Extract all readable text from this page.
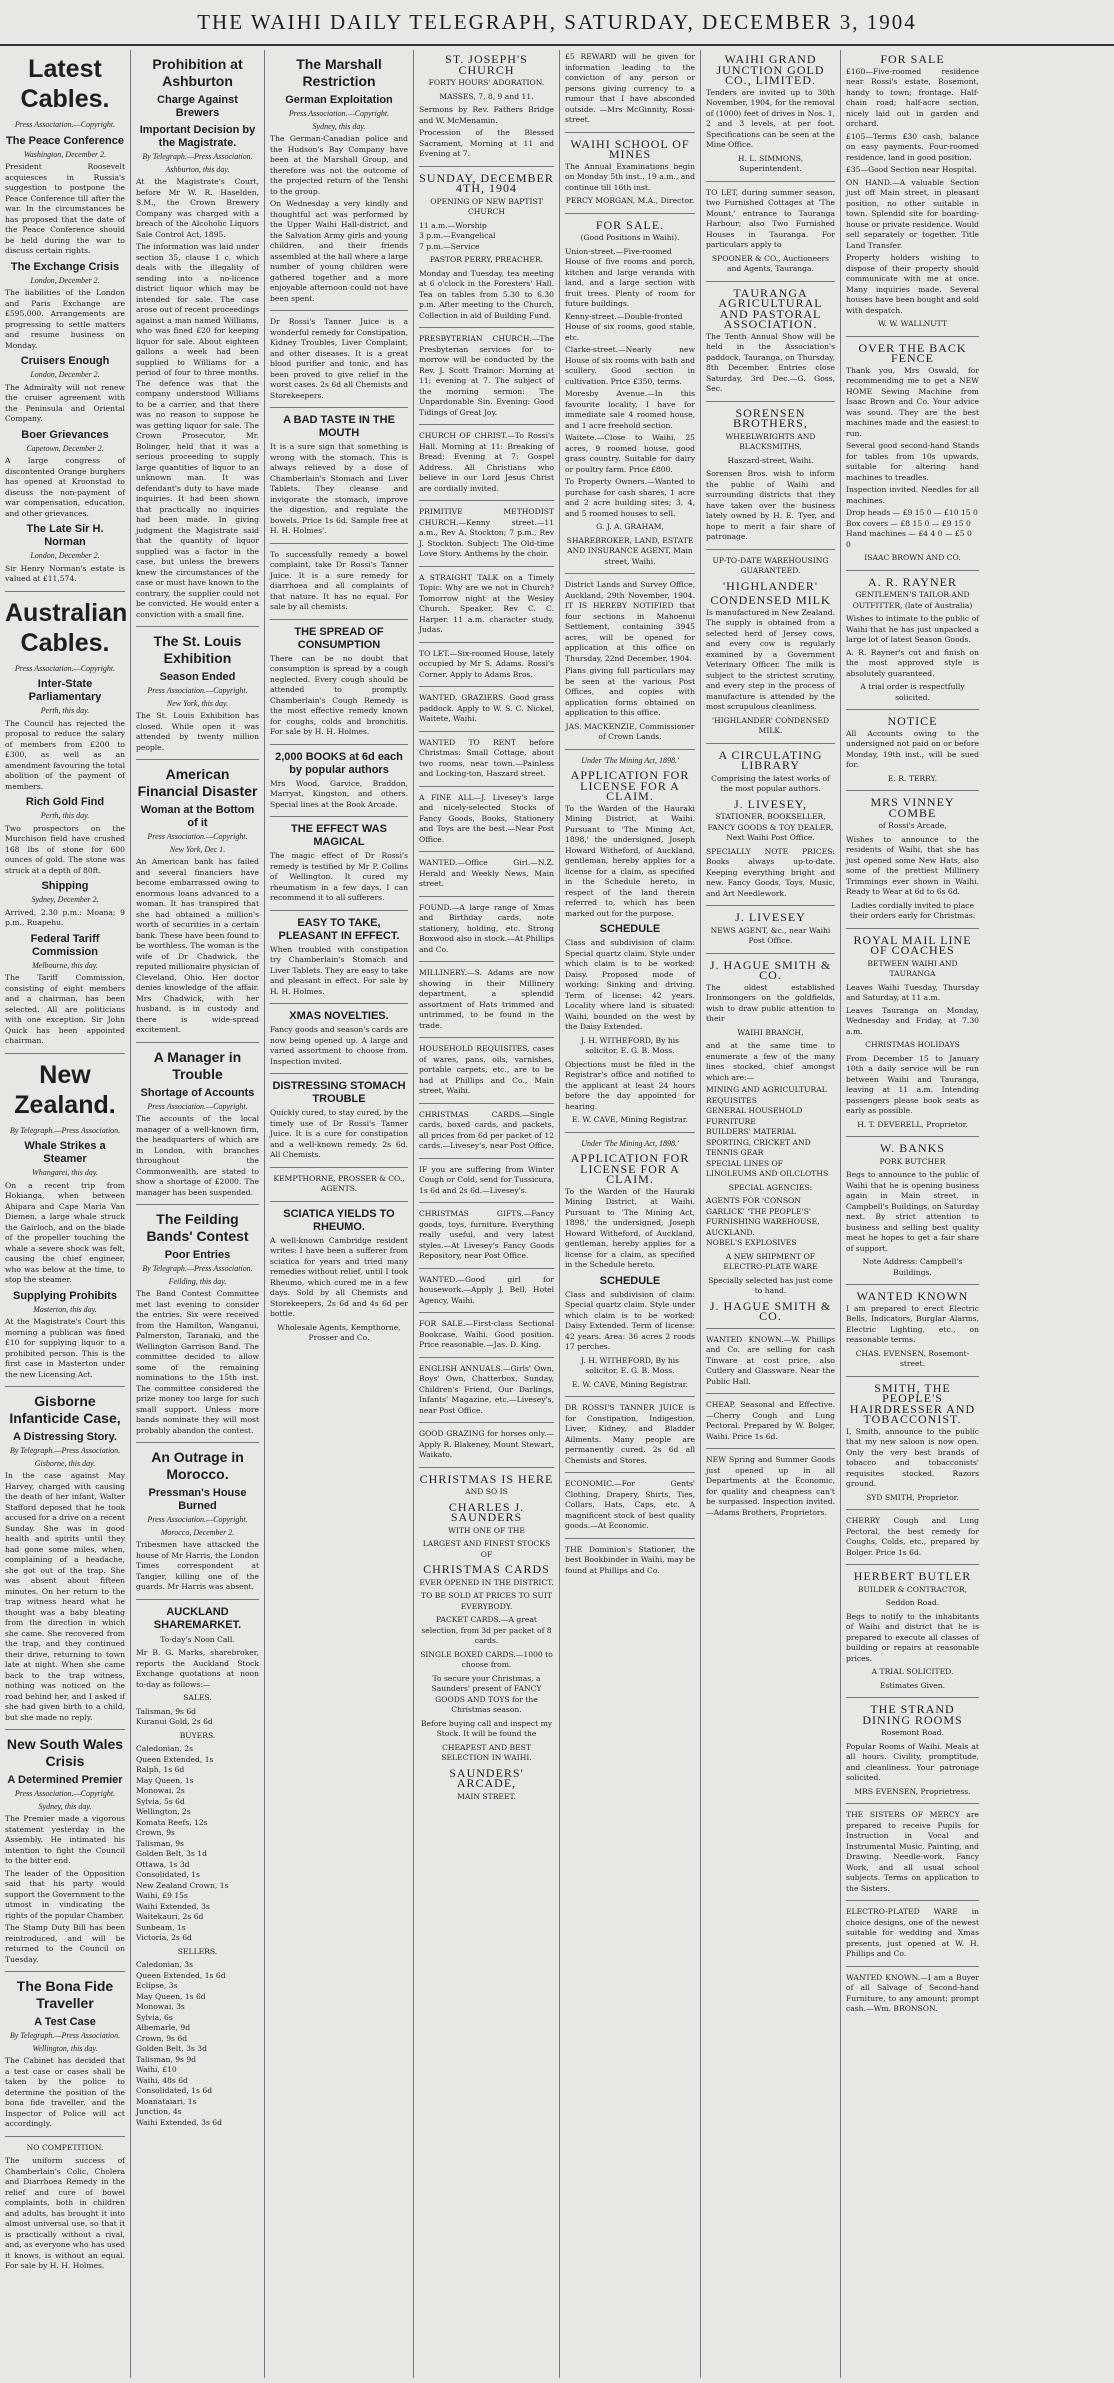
THE WAIHI DAILY TELEGRAPH, SATURDAY, DECEMBER 3, 1904
Latest Cables.
Press Association.—Copyright.
The Peace Conference
Washington, December 2.
President Roosevelt acquiesces in Russia's suggestion to postpone the Peace Conference till after the war. In the circumstances he has proposed that the date of the Peace Conference should be held during the war to discuss certain rights.
The Exchange Crisis
London, December 2.
The liabilities of the London and Paris Exchange are £595,000. Arrangements are progressing to settle matters and resume business on Monday.
Cruisers Enough
London, December 2.
The Admiralty will not renew the cruiser agreement with the Peninsula and Oriental Company.
Boer Grievances
Capetown, December 2.
A large congress of discontented Orange burghers has opened at Kroonstad to discuss the non-payment of war compensation, education, and other grievances.
The Late Sir H. Norman
London, December 2.
Sir Henry Norman's estate is valued at £11,574.
Australian Cables.
Press Association.—Copyright.
Inter-State Parliamentary
Perth, this day.
The Council has rejected the proposal to reduce the salary of members from £200 to £300, as well as an amendment favouring the total abolition of the payment of members.
Rich Gold Find
Perth, this day.
Two prospectors on the Murchison field have crushed 168 lbs of stone for 600 ounces of gold. The stone was struck at a depth of 80ft.
Shipping
Sydney, December 2.
Arrived, 2.30 p.m.: Moana; 9 p.m., Ruapehu.
Federal Tariff Commission
Melbourne, this day.
The Tariff Commission, consisting of eight members and a chairman, has been selected. All are politicians with one exception. Sir John Quick has been appointed chairman.
New Zealand.
By Telegraph.—Press Association.
Whale Strikes a Steamer
Whangarei, this day.
On a recent trip from Hokianga, when between Ahipara and Cape Maria Van Diemen, a large whale struck the Gairloch, and on the blade of the propeller touching the whale a severe shock was felt, causing the chief engineer, who was below at the time, to stop the steamer.
Supplying Prohibits
Masterton, this day.
At the Magistrate's Court this morning a publican was fined £10 for supplying liquor to a prohibited person. This is the first case in Masterton under the new Licensing Act.
Gisborne Infanticide Case,
A Distressing Story.
By Telegraph.—Press Association.
Gisborne, this day.
In the case against May Harvey, charged with causing the death of her infant, Walter Stafford deposed that he took accused for a drive on a recent Sunday. She was in good health and spirits until they had gone some miles, when, complaining of a headache, she got out of the trap. She was absent about fifteen minutes. On her return to the trap witness heard what he thought was a baby bleating from the direction in which she came. She recovered from the trap, and they continued their drive, returning to town late at night. When she came back to the trap witness, nothing was noticed on the road behind her, and I asked if she had given birth to a child, but she made no reply.
New South Wales Crisis
A Determined Premier
Press Association.—Copyright.
Sydney, this day.
The Premier made a vigorous statement yesterday in the Assembly. He intimated his intention to fight the Council to the bitter end.
The leader of the Opposition said that his party would support the Government to the utmost in vindicating the rights of the popular Chamber.
The Stamp Duty Bill has been reintroduced, and will be returned to the Council on Tuesday.
The Bona Fide Traveller
A Test Case
By Telegraph.—Press Association.
Wellington, this day.
The Cabinet has decided that a test case or cases shall be taken by the police to determine the position of the bona fide traveller, and the Inspector of Police will act accordingly.
NO COMPETITION.
The uniform success of Chamberlain's Colic, Cholera and Diarrhoea Remedy in the relief and cure of bowel complaints, both in children and adults, has brought it into almost universal use, so that it is practically without a rival, and, as everyone who has used it knows, is without an equal. For sale by H. H. Holmes.
Prohibition at Ashburton
Charge Against Brewers
Important Decision by the Magistrate.
By Telegraph.—Press Association.
Ashburton, this day.
At the Magistrate's Court, before Mr W. R. Haselden, S.M., the Crown Brewery Company was charged with a breach of the Alcoholic Liquors Sale Control Act, 1895.
The information was laid under section 35, clause 1 c, which deals with the illegality of sending into a no-licence district liquor which may be intended for sale. The case arose out of recent proceedings against a man named Williams, who was fined £20 for keeping liquor for sale. About eighteen gallons a week had been supplied to Williams for a period of four to three months. The defence was that the company understood Williams to be a carrier, and that there was no reason to suppose he was getting liquor for sale. The Crown Prosecutor, Mr. Bolinger, held that it was a serious proceeding to supply large quantities of liquor to an unknown man. It was defendant's duty to have made inquiries. It had been shown that practically no inquiries had been made. In giving judgment the Magistrate said that the quantity of liquor supplied was a factor in the case, but unless the brewers knew the circumstances of the case or must have known to the contrary, the supplier could not be convicted. He would enter a conviction with a small fine.
The St. Louis Exhibition
Season Ended
Press Association.—Copyright.
New York, this day.
The St. Louis Exhibition has closed. While open it was attended by twenty million people.
American Financial Disaster
Woman at the Bottom of it
Press Association.—Copyright.
New York, Dec 1.
An American bank has failed and several financiers have become embarrassed owing to enormous loans advanced to a woman. It has transpired that she had obtained a million's worth of securities in a certain bank. These have been found to be worthless. The woman is the wife of Dr Chadwick, the reputed millionaire physician of Cleveland, Ohio. Her doctor denies knowledge of the affair. Mrs Chadwick, with her husband, is in custody and there is wide-spread excitement.
A Manager in Trouble
Shortage of Accounts
Press Association.—Copyright.
The accounts of the local manager of a well-known firm, the headquarters of which are in London, with branches throughout the Commonwealth, are stated to show a shortage of £2000. The manager has been suspended.
The Feilding Bands' Contest
Poor Entries
By Telegraph.—Press Association.
Feilding, this day.
The Band Contest Committee met last evening to consider the entries. Six were received from the Hamilton, Wanganui, Palmerston, Taranaki, and the Wellington Garrison Band. The committee decided to allow some of the remaining nominations to the 15th inst. The committee considered the prize money too large for such small support. Unless more bands nominate they will most probably abandon the contest.
An Outrage in Morocco.
Pressman's House Burned
Press Association.—Copyright.
Morocco, December 2.
Tribesmen have attacked the house of Mr Harris, the London Times correspondent at Tangier, killing one of the guards. Mr Harris was absent.
AUCKLAND SHAREMARKET.
To-day's Noon Call.
Mr B. G. Marks, sharebroker, reports the Auckland Stock Exchange quotations at noon to-day as follows:—
SALES.
Talisman, 9s 6d
Kuranui Gold, 2s 6d
BUYERS.
Caledonian, 2s
Queen Extended, 1s
Ralph, 1s 6d
May Queen, 1s
Monowai, 2s
Sylvia, 5s 6d
Wellington, 2s
Komata Reefs, 12s
Crown, 9s
Talisman, 9s
Golden Belt, 3s 1d
Ottawa, 1s 3d
Consolidated, 1s
New Zealand Crown, 1s
Waihi, £9 15s
Waihi Extended, 3s
Waitekauri, 2s 6d
Sunbeam, 1s
Victoria, 2s 6d
SELLERS.
Caledonian, 3s
Queen Extended, 1s 6d
Eclipse, 3s
May Queen, 1s 6d
Monowai, 3s
Sylvia, 6s
Albemarle, 9d
Crown, 9s 6d
Golden Belt, 3s 3d
Talisman, 9s 9d
Waihi, £10
Waihi, 48s 6d
Consolidated, 1s 6d
Moanataiari, 1s
Junction, 4s
Waihi Extended, 3s 6d
The Marshall Restriction
German Exploitation
Press Association.—Copyright.
Sydney, this day.
The German-Canadian police and the Hudson's Bay Company have been at the Marshall Group, and therefore was not the outcome of the projected return of the Tenshi to the group.
On Wednesday a very kindly and thoughtful act was performed by the Upper Waihi Hall-district, and the Salvation Army girls and young children, and their friends assembled at the hall where a large number of young children were gathered together and a more enjoyable afternoon could not have been spent.
Dr Rossi's Tanner Juice is a wonderful remedy for Constipation, Kidney Troubles, Liver Complaint, and other diseases. It is a great blood purifier and tonic, and has been proved to give relief in the worst cases. 2s 6d all Chemists and Storekeepers.
A BAD TASTE IN THE MOUTH
It is a sure sign that something is wrong with the stomach. This is always relieved by a dose of Chamberlain's Stomach and Liver Tablets. They cleanse and invigorate the stomach, improve the digestion, and regulate the bowels. Price 1s 6d. Sample free at H. H. Holmes'.
To successfully remedy a bowel complaint, take Dr Rossi's Tanner Juice. It is a sure remedy for diarrhoea and all complaints of that nature. It has no equal. For sale by all chemists.
THE SPREAD OF CONSUMPTION
There can be no doubt that consumption is spread by a cough neglected. Every cough should be attended to promptly. Chamberlain's Cough Remedy is the most effective remedy known for coughs, colds and bronchitis. For sale by H. H. Holmes.
2,000 BOOKS at 6d each by popular authors
Mrs Wood, Garvice, Braddon, Marryat, Kingston, and others. Special lines at the Book Arcade.
THE EFFECT WAS MAGICAL
The magic effect of Dr Rossi's remedy is testified by Mr P. Collins of Wellington. It cured my rheumatism in a few days. I can recommend it to all sufferers.
EASY TO TAKE, PLEASANT IN EFFECT.
When troubled with constipation try Chamberlain's Stomach and Liver Tablets. They are easy to take and pleasant in effect. For sale by H. H. Holmes.
XMAS NOVELTIES.
Fancy goods and season's cards are now being opened up. A large and varied assortment to choose from. Inspection invited.
DISTRESSING STOMACH TROUBLE
Quickly cured, to stay cured, by the timely use of Dr Rossi's Tanner Juice. It is a cure for constipation and a well-known remedy. 2s 6d. All Chemists.
KEMPTHORNE, PROSSER & CO., AGENTS.
SCIATICA YIELDS TO RHEUMO.
A well-known Cambridge resident writes: I have been a sufferer from sciatica for years and tried many remedies without relief, until I took Rheumo, which cured me in a few days. Sold by all Chemists and Storekeepers, 2s 6d and 4s 6d per bottle.
Wholesale Agents, Kempthorne, Prosser and Co.
ST. JOSEPH'S CHURCH
FORTY HOURS' ADORATION.
MASSES, 7, 8, 9 and 11.
Sermons by Rev. Fathers Bridge and W. McMenamin.
Procession of the Blessed Sacrament, Morning at 11 and Evening at 7.
SUNDAY, DECEMBER 4TH, 1904
OPENING OF NEW BAPTIST CHURCH
11 a.m.—Worship
3 p.m.—Evangelical
7 p.m.—Service
PASTOR PERRY, PREACHER.
Monday and Tuesday, tea meeting at 6 o'clock in the Foresters' Hall. Tea on tables from 5.30 to 6.30 p.m. After meeting to the Church, Collection in aid of Building Fund.
PRESBYTERIAN CHURCH.—The Presbyterian services for to-morrow will be conducted by the Rev. J. Scott Trainor: Morning at 11; evening at 7. The subject of the morning sermon: The Unpardonable Sin. Evening: Good Tidings of Great Joy.
CHURCH OF CHRIST.—To Rossi's Hall. Morning at 11: Breaking of Bread; Evening at 7: Gospel Address. All Christians who believe in our Lord Jesus Christ are cordially invited.
PRIMITIVE METHODIST CHURCH.—Kenny street.—11 a.m., Rev A. Stockton; 7 p.m., Rev J. Stockton. Subject: The Old-time Love Story. Anthems by the choir.
A STRAIGHT TALK on a Timely Topic: Why are we not in Church? Tomorrow night at the Wesley Church. Speaker, Rev C. C. Harper. 11 a.m. character study, Judas.
TO LET.—Six-roomed House, lately occupied by Mr S. Adams. Rossi's Corner. Apply to Adams Bros.
WANTED, GRAZIERS. Good grass paddock. Apply to W. S. C. Nickel, Waitete, Waihi.
WANTED TO RENT before Christmas: Small Cottage, about two rooms, near town.—Painless and Locking-ton, Haszard street.
A FINE ALL—J. Livesey's large and nicely-selected Stocks of Fancy Goods, Books, Stationery and Toys are the best.—Near Post Office.
WANTED.—Office Girl.—N.Z. Herald and Weekly News, Main street.
FOUND.—A large range of Xmas and Birthday cards, note stationery, holding, etc. Strong Boxwood also in stock.—At Phillips and Co.
MILLINERY.—S. Adams are now showing in their Millinery department, a splendid assortment of Hats trimmed and untrimmed, to be found in the trade.
HOUSEHOLD REQUISITES, cases of wares, pans, oils, varnishes, portable carpets, etc., are to be had at Phillips and Co., Main street, Waihi.
CHRISTMAS CARDS.—Single cards, boxed cards, and packets, all prices from 6d per packet of 12 cards.—Livesey's, near Post Office.
IF you are suffering from Winter Cough or Cold, send for Tussicura, 1s 6d and 2s 6d.—Livesey's.
CHRISTMAS GIFTS.—Fancy goods, toys, furniture. Everything really useful, and very latest styles.—At Livesey's Fancy Goods Repository, near Post Office.
WANTED.—Good girl for housework.—Apply J. Bell, Hotel Agency, Waihi.
FOR SALE.—First-class Sectional Bookcase, Waihi. Good position. Price reasonable.—Jas. D. King.
ENGLISH ANNUALS.—Girls' Own, Boys' Own, Chatterbox, Sunday, Children's Friend, Our Darlings, Infants' Magazine, etc.—Livesey's, near Post Office.
GOOD GRAZING for horses only.—Apply R. Blakeney, Mount Stewart, Waikato.
CHRISTMAS IS HERE
AND SO IS
CHARLES J. SAUNDERS
WITH ONE OF THE
LARGEST AND FINEST STOCKS OF
CHRISTMAS CARDS
EVER OPENED IN THE DISTRICT.
TO BE SOLD AT PRICES TO SUIT EVERYBODY.
PACKET CARDS.—A great selection, from 3d per packet of 8 cards.
SINGLE BOXED CARDS.—1000 to choose from.
To secure your Christmas, a Saunders' present of FANCY GOODS AND TOYS for the Christmas season.
Before buying call and inspect my Stock. It will be found the
CHEAPEST AND BEST SELECTION IN WAIHI.
SAUNDERS' ARCADE,
MAIN STREET.
£5 REWARD will be given for information leading to the conviction of any person or persons giving currency to a rumour that I have absconded outside. —Mrs McGinnity, Rossi-street.
WAIHI SCHOOL OF MINES
The Annual Examinations begin on Monday 5th inst., 19 a.m., and continue till 16th inst.
PERCY MORGAN, M.A., Director.
FOR SALE.
(Good Positions in Waihi).
Union-street.—Five-roomed House of five rooms and porch, kitchen and large veranda with land, and a large section with fruit trees. Plenty of room for future buildings.
Kenny-street.—Double-fronted House of six rooms, good stable, etc.
Clarke-street.—Nearly new House of six rooms with bath and scullery. Good section in cultivation. Price £350, terms.
Moresby Avenue.—In this favourite locality, I have for immediate sale 4 roomed house, and 1 acre freehold section.
Waitete.—Close to Waihi, 25 acres, 9 roomed house, good grass country. Suitable for dairy or poultry farm. Price £800.
To Property Owners.—Wanted to purchase for cash shares, 1 acre and 2 acre building sites; 3, 4, and 5 roomed houses to sell.
G. J. A. GRAHAM,
SHAREBROKER, LAND, ESTATE AND INSURANCE AGENT, Main street, Waihi.
District Lands and Survey Office, Auckland, 29th November, 1904. IT IS HEREBY NOTIFIED that four sections in Mahoenui Settlement, containing 3945 acres, will be opened for application at this office on Thursday, 22nd December, 1904.
Plans giving full particulars may be seen at the various Post Offices, and copies with application forms obtained on application to this office.
JAS. MACKENZIE, Commissioner of Crown Lands.
Under 'The Mining Act, 1898.'
APPLICATION FOR LICENSE FOR A CLAIM.
To the Warden of the Hauraki Mining District, at Waihi. Pursuant to 'The Mining Act, 1898,' the undersigned, Joseph Howard Witheford, of Auckland, gentleman, hereby applies for a license for a claim, as specified in the Schedule hereto, in respect of the land therein referred to, which has been marked out for the purpose.
SCHEDULE
Class and subdivision of claim: Special quartz claim. Style under which claim is to be worked: Daisy. Proposed mode of working: Sinking and driving. Term of license: 42 years. Locality where land is situated: Waihi, bounded on the west by the Daisy Extended.
J. H. WITHEFORD, By his solicitor, E. G. B. Moss.
Objections must be filed in the Registrar's office and notified to the applicant at least 24 hours before the day appointed for hearing.
E. W. CAVE, Mining Registrar.
Under 'The Mining Act, 1898.'
APPLICATION FOR LICENSE FOR A CLAIM.
To the Warden of the Hauraki Mining District, at Waihi. Pursuant to 'The Mining Act, 1898,' the undersigned, Joseph Howard Witheford, of Auckland, gentleman, hereby applies for a license for a claim, as specified in the Schedule hereto.
SCHEDULE
Class and subdivision of claim: Special quartz claim. Style under which claim is to be worked: Daisy Extended. Term of license: 42 years. Area: 36 acres 2 roods 17 perches.
J. H. WITHEFORD, By his solicitor, E. G. B. Moss.
E. W. CAVE, Mining Registrar.
DR ROSSI'S TANNER JUICE is for Constipation, Indigestion, Liver, Kidney, and Bladder Ailments. Many people are permanently cured. 2s 6d all Chemists and Stores.
ECONOMIC.—For Gents' Clothing, Drapery, Shirts, Ties, Collars, Hats, Caps, etc. A magnificent stock of best quality goods.—At Economic.
THE Dominion's Stationer, the best Bookbinder in Waihi, may be found at Phillips and Co.
WAIHI GRAND JUNCTION GOLD CO., LIMITED.
Tenders are invited up to 30th November, 1904, for the removal of (1000) feet of drives in Nos. 1, 2 and 3 levels, at per foot. Specifications can be seen at the Mine Office.
H. L. SIMMONS, Superintendent.
TO LET, during summer season, two Furnished Cottages at 'The Mount,' entrance to Tauranga Harbour; also Two Furnished Houses in Tauranga. For particulars apply to
SPOONER & CO., Auctioneers and Agents, Tauranga.
TAURANGA AGRICULTURAL AND PASTORAL ASSOCIATION.
The Tenth Annual Show will be held in the Association's paddock, Tauranga, on Thursday, 8th December. Entries close Saturday, 3rd Dec.—G. Goss, Sec.
SORENSEN BROTHERS,
WHEELWRIGHTS AND BLACKSMITHS,
Haszard-street, Waihi.
Sorensen Bros. wish to inform the public of Waihi and surrounding districts that they have taken over the business lately owned by H. E. Tyer, and hope to merit a fair share of patronage.
UP-TO-DATE WAREHOUSING GUARANTEED.
'HIGHLANDER'
CONDENSED MILK
Is manufactured in New Zealand. The supply is obtained from a selected herd of Jersey cows, and every cow is regularly examined by a Government Veterinary Officer. The milk is subject to the strictest scrutiny, and every step in the process of manufacture is attended by the most scrupulous cleanliness.
'HIGHLANDER' CONDENSED MILK.
A CIRCULATING LIBRARY
Comprising the latest works of the most popular authors.
J. LIVESEY,
STATIONER, BOOKSELLER, FANCY GOODS & TOY DEALER, Next Waihi Post Office.
SPECIALLY NOTE PRICES: Books always up-to-date. Keeping everything bright and new. Fancy Goods, Toys, Music, and Art Needlework.
J. LIVESEY
NEWS AGENT, &c., near Waihi Post Office.
J. HAGUE SMITH & CO.
The oldest established Ironmongers on the goldfields, wish to draw public attention to their
WAIHI BRANCH,
and at the same time to enumerate a few of the many lines stocked, chief amongst which are:—
MINING AND AGRICULTURAL REQUISITES
GENERAL HOUSEHOLD FURNITURE
BUILDERS' MATERIAL
SPORTING, CRICKET AND TENNIS GEAR
SPECIAL LINES OF LINOLEUMS AND OILCLOTHS
SPECIAL AGENCIES:
AGENTS FOR 'CONSON GARLICK' 'THE PEOPLE'S' FURNISHING WAREHOUSE, AUCKLAND.
NOBEL'S EXPLOSIVES
A NEW SHIPMENT OF ELECTRO-PLATE WARE
Specially selected has just come to hand.
J. HAGUE SMITH & CO.
WANTED KNOWN.—W. Phillips and Co. are selling for cash Tinware at cost price, also Cutlery and Glassware. Near the Public Hall.
CHEAP, Seasonal and Effective.—Cherry Cough and Lung Pectoral. Prepared by W. Bolger, Waihi. Price 1s 6d.
NEW Spring and Summer Goods just opened up in all Departments at the Economic, for quality and cheapness can't be surpassed. Inspection invited.—Adams Brothers, Proprietors.
FOR SALE
£160—Five-roomed residence near Rossi's estate, Rosemont, handy to town; frontage. Half-chain road; half-acre section, nicely laid out in garden and orchard.
£105—Terms £30 cash, balance on easy payments. Four-roomed residence, land in good position.
£35—Good Section near Hospital.
ON HAND.—A valuable Section just off Main street, in pleasant position, no other suitable in town. Splendid site for boarding-house or private residence. Would sell separately or together. Title Land Transfer.
Property holders wishing to dispose of their property should communicate with me at once. Many inquiries made. Several houses have been bought and sold with despatch.
W. W. WALLNUTT
OVER THE BACK FENCE
Thank you, Mrs Oswald, for recommending me to get a NEW HOME Sewing Machine from Isaac Brown and Co. Your advice was sound. They are the best machines made and the easiest to run.
Several good second-hand Stands for tables from 10s upwards, suitable for altering hand machines to treadles.
Inspection invited. Needles for all machines.
Drop heads — £9 15 0 — £10 15 0
Box covers — £8 15 0 — £9 15 0
Hand machines — £4 4 0 — £5 0 0
ISAAC BROWN AND CO.
A. R. RAYNER
GENTLEMEN'S TAILOR AND OUTFITTER, (late of Australia)
Wishes to intimate to the public of Waihi that he has just unpacked a large lot of latest Season Goods.
A. R. Rayner's cut and finish on the most approved style is absolutely guaranteed.
A trial order is respectfully solicited.
NOTICE
All Accounts owing to the undersigned not paid on or before Monday, 19th inst., will be sued for.
E. R. TERRY.
MRS VINNEY COMBE
of Rossi's Arcade,
Wishes to announce to the residents of Waihi, that she has just opened some New Hats, also some of the prettiest Millinery Trimmings ever shown in Waihi. Ready to Wear at 6d to 6s 6d.
Ladies cordially invited to place their orders early for Christmas.
ROYAL MAIL LINE OF COACHES
BETWEEN WAIHI AND TAURANGA
Leaves Waihi Tuesday, Thursday and Saturday, at 11 a.m.
Leaves Tauranga on Monday, Wednesday and Friday, at 7.30 a.m.
CHRISTMAS HOLIDAYS
From December 15 to January 10th a daily service will be run between Waihi and Tauranga, leaving at 11 a.m. Intending passengers please book seats as early as possible.
H. T. DEVERELL, Proprietor.
W. BANKS
PORK BUTCHER
Begs to announce to the public of Waihi that he is opening business again in Main street, in Campbell's Buildings, on Saturday next. By strict attention to business and selling best quality meat he hopes to get a fair share of support.
Note Address: Campbell's Buildings.
WANTED KNOWN
I am prepared to erect Electric Bells, Indicators, Burglar Alarms, Electric Lighting, etc., on reasonable terms.
CHAS. EVENSEN, Rosemont-street.
SMITH, THE PEOPLE'S HAIRDRESSER AND TOBACCONIST.
I, Smith, announce to the public that my new saloon is now open. Only the very best brands of tobacco and tobacconists' requisites stocked. Razors ground.
SYD SMITH, Proprietor.
CHERRY Cough and Lung Pectoral, the best remedy for Coughs, Colds, etc., prepared by Bolger. Price 1s 6d.
HERBERT BUTLER
BUILDER & CONTRACTOR,
Seddon Road.
Begs to notify to the inhabitants of Waihi and district that he is prepared to execute all classes of building or repairs at reasonable prices.
A TRIAL SOLICITED.
Estimates Given.
THE STRAND DINING ROOMS
Rosemont Road.
Popular Rooms of Waihi. Meals at all hours. Civility, promptitude, and cleanliness. Your patronage solicited.
MRS EVENSEN, Proprietress.
THE SISTERS OF MERCY are prepared to receive Pupils for Instruction in Vocal and Instrumental Music, Painting, and Drawing. Needle-work, Fancy Work, and all usual school subjects. Terms on application to the Sisters.
ELECTRO-PLATED WARE in choice designs, one of the newest suitable for wedding and Xmas presents, just opened at W. H. Phillips and Co.
WANTED KNOWN.—I am a Buyer of all Salvage of Second-hand Furniture, to any amount; prompt cash.—Wm. BRONSON.
